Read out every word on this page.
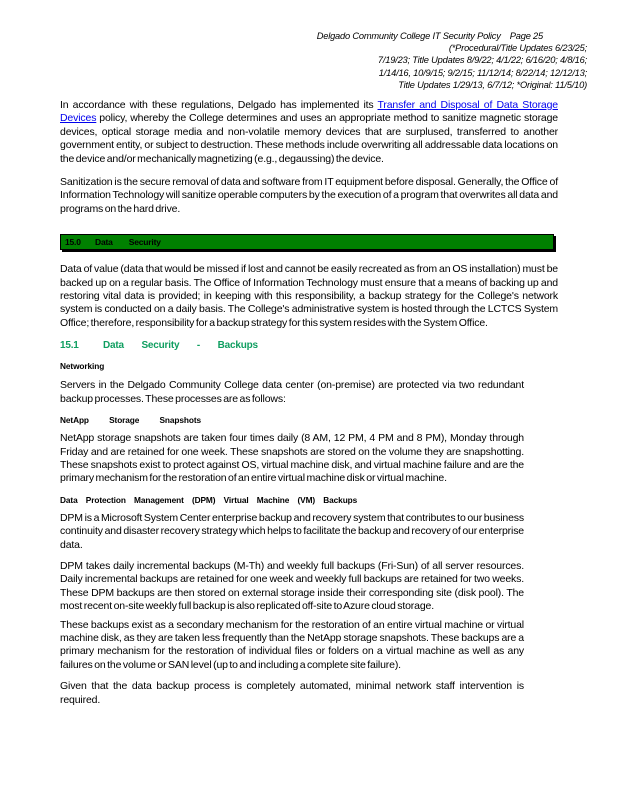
Delgado Community College IT Security Policy Page 25
(*Procedural/Title Updates 6/23/25;
7/19/23; Title Updates 8/9/22; 4/1/22; 6/16/20; 4/8/16;
1/14/16, 10/9/15; 9/2/15; 11/12/14; 8/22/14; 12/12/13;
Title Updates 1/29/13, 6/7/12; *Original: 11/5/10)

In accordance with these regulations, Delgado has implemented its Transfer and Disposal of Data Storage Devices policy, whereby the College determines and uses an appropriate method to sanitize magnetic storage devices, optical storage media and non-volatile memory devices that are surplused, transferred to another government entity, or subject to destruction. These methods include overwriting all addressable data locations on the device and/or mechanically magnetizing (e.g., degaussing) the device.

Sanitization is the secure removal of data and software from IT equipment before disposal. Generally, the Office of Information Technology will sanitize operable computers by the execution of a program that overwrites all data and programs on the hard drive.

15.0 Data Security

Data of value (data that would be missed if lost and cannot be easily recreated as from an OS installation) must be backed up on a regular basis. The Office of Information Technology must ensure that a means of backing up and restoring vital data is provided; in keeping with this responsibility, a backup strategy for the College's network system is conducted on a daily basis. The College's administrative system is hosted through the LCTCS System Office; therefore, responsibility for a backup strategy for this system resides with the System Office.

15.1 Data Security - Backups
Networking

Servers in the Delgado Community College data center (on-premise) are protected via two redundant backup processes. These processes are as follows:

NetApp Storage Snapshots

NetApp storage snapshots are taken four times daily (8 AM, 12 PM, 4 PM and 8 PM), Monday through Friday and are retained for one week. These snapshots are stored on the volume they are snapshotting. These snapshots exist to protect against OS, virtual machine disk, and virtual machine failure and are the primary mechanism for the restoration of an entire virtual machine disk or virtual machine.

Data Protection Management (DPM) Virtual Machine (VM) Backups

DPM is a Microsoft System Center enterprise backup and recovery system that contributes to our business continuity and disaster recovery strategy which helps to facilitate the backup and recovery of our enterprise data.

DPM takes daily incremental backups (M-Th) and weekly full backups (Fri-Sun) of all server resources. Daily incremental backups are retained for one week and weekly full backups are retained for two weeks. These DPM backups are then stored on external storage inside their corresponding site (disk pool). The most recent on-site weekly full backup is also replicated off-site to Azure cloud storage.

These backups exist as a secondary mechanism for the restoration of an entire virtual machine or virtual machine disk, as they are taken less frequently than the NetApp storage snapshots. These backups are a primary mechanism for the restoration of individual files or folders on a virtual machine as well as any failures on the volume or SAN level (up to and including a complete site failure).

Given that the data backup process is completely automated, minimal network staff intervention is required.
